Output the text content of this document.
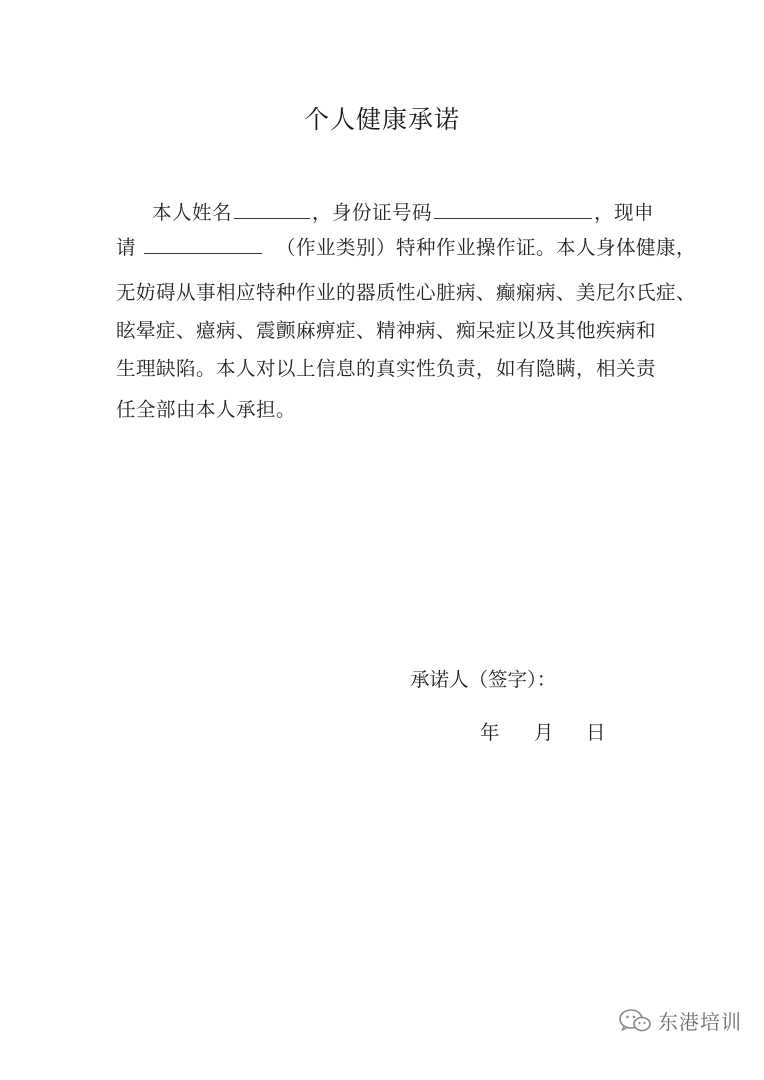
个人健康承诺
本人姓名	，身份证号码	，现申
请	（作业类别）特种作业操作证。本人身体健康，
无妨碍从事相应特种作业的器质性心脏病、癫痫病、美尼尔氏症、
眩晕症、癔病、震颤麻痹症、精神病、痴呆症以及其他疾病和
生理缺陷。本人对以上信息的真实性负责，如有隐瞒，相关责
任全部由本人承担。
承诺人（签字）：
年 月 日
东港培训
